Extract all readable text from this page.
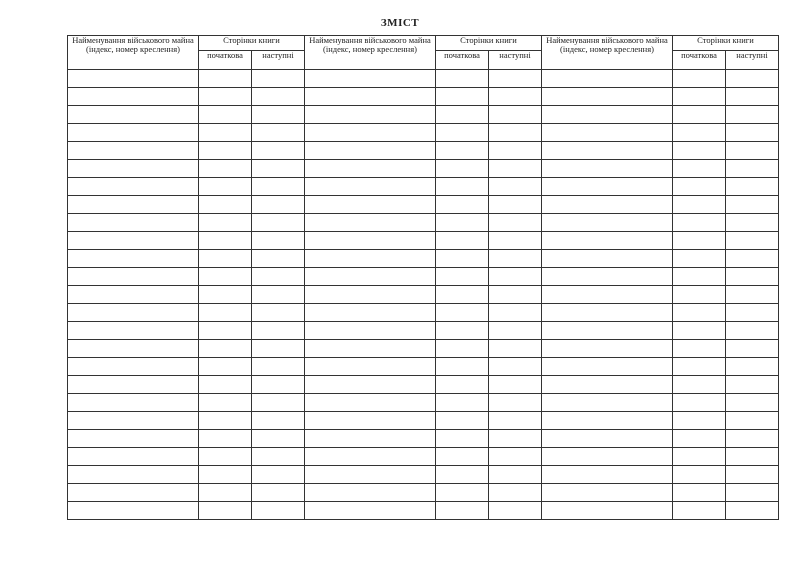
ЗМІСТ
Найменування військового майна (індекс, номер креслення)	Сторінки книги		Найменування військового майна (індекс, номер креслення)	Сторінки книги		Найменування військового майна (індекс, номер креслення)	Сторінки книги	
	початкова	наступні		початкова	наступні		початкова	наступні
